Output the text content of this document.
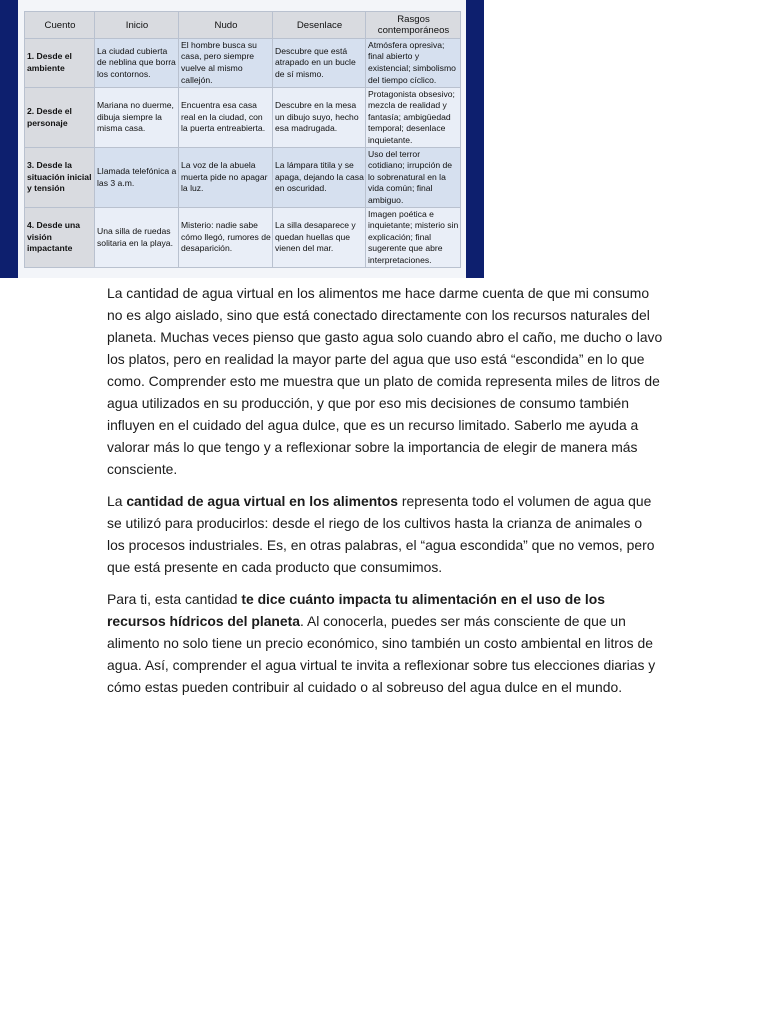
Cuento	Inicio	Nudo	Desenlace	Rasgos contemporáneos
1. Desde el ambiente	La ciudad cubierta de neblina que borra los contornos.	El hombre busca su casa, pero siempre vuelve al mismo callejón.	Descubre que está atrapado en un bucle de sí mismo.	Atmósfera opresiva; final abierto y existencial; simbolismo del tiempo cíclico.
2. Desde el personaje	Mariana no duerme, dibuja siempre la misma casa.	Encuentra esa casa real en la ciudad, con la puerta entreabierta.	Descubre en la mesa un dibujo suyo, hecho esa madrugada.	Protagonista obsesivo; mezcla de realidad y fantasía; ambigüedad temporal; desenlace inquietante.
3. Desde la situación inicial y tensión	Llamada telefónica a las 3 a.m.	La voz de la abuela muerta pide no apagar la luz.	La lámpara titila y se apaga, dejando la casa en oscuridad.	Uso del terror cotidiano; irrupción de lo sobrenatural en la vida común; final ambiguo.
4. Desde una visión impactante	Una silla de ruedas solitaria en la playa.	Misterio: nadie sabe cómo llegó, rumores de desaparición.	La silla desaparece y quedan huellas que vienen del mar.	Imagen poética e inquietante; misterio sin explicación; final sugerente que abre interpretaciones.

La cantidad de agua virtual en los alimentos me hace darme cuenta de que mi consumo no es algo aislado, sino que está conectado directamente con los recursos naturales del planeta. Muchas veces pienso que gasto agua solo cuando abro el caño, me ducho o lavo los platos, pero en realidad la mayor parte del agua que uso está “escondida” en lo que como. Comprender esto me muestra que un plato de comida representa miles de litros de agua utilizados en su producción, y que por eso mis decisiones de consumo también influyen en el cuidado del agua dulce, que es un recurso limitado. Saberlo me ayuda a valorar más lo que tengo y a reflexionar sobre la importancia de elegir de manera más consciente.

La cantidad de agua virtual en los alimentos representa todo el volumen de agua que se utilizó para producirlos: desde el riego de los cultivos hasta la crianza de animales o los procesos industriales. Es, en otras palabras, el “agua escondida” que no vemos, pero que está presente en cada producto que consumimos.

Para ti, esta cantidad te dice cuánto impacta tu alimentación en el uso de los recursos hídricos del planeta. Al conocerla, puedes ser más consciente de que un alimento no solo tiene un precio económico, sino también un costo ambiental en litros de agua. Así, comprender el agua virtual te invita a reflexionar sobre tus elecciones diarias y cómo estas pueden contribuir al cuidado o al sobreuso del agua dulce en el mundo.
